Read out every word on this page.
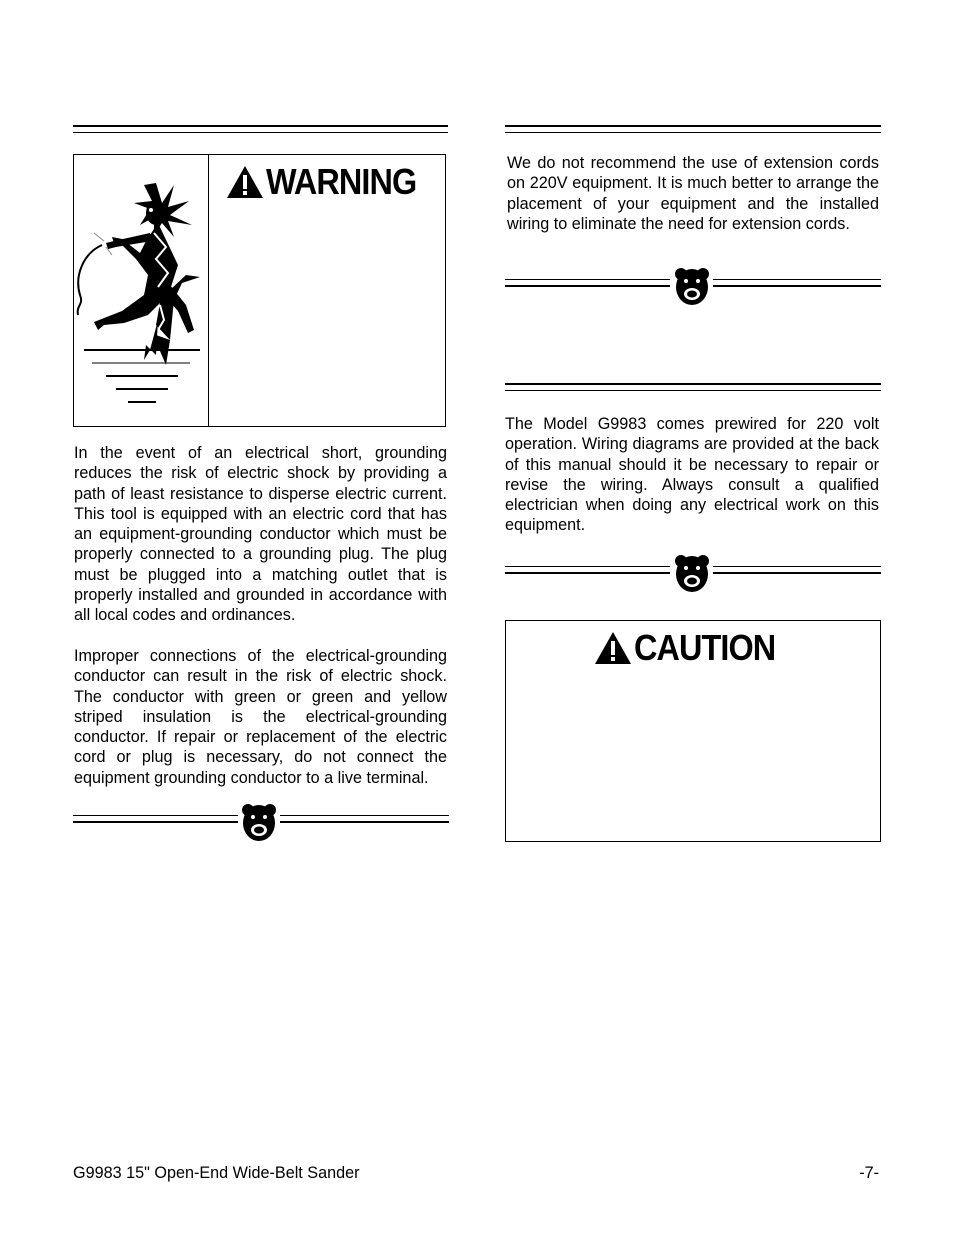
WARNING

In the event of an electrical short, grounding reduces the risk of electric shock by providing a path of least resistance to disperse electric current. This tool is equipped with an electric cord that has an equipment-grounding conductor which must be properly connected to a grounding plug. The plug must be plugged into a matching outlet that is properly installed and grounded in accordance with all local codes and ordinances.

Improper connections of the electrical-grounding conductor can result in the risk of electric shock. The conductor with green or green and yellow striped insulation is the electrical-grounding conductor. If repair or replacement of the electric cord or plug is necessary, do not connect the equipment grounding conductor to a live terminal.

We do not recommend the use of extension cords on 220V equipment. It is much better to arrange the placement of your equipment and the installed wiring to eliminate the need for extension cords.

The Model G9983 comes prewired for 220 volt operation. Wiring diagrams are provided at the back of this manual should it be necessary to repair or revise the wiring. Always consult a qualified electrician when doing any electrical work on this equipment.

CAUTION
G9983 15" Open-End Wide-Belt Sander	-7-
